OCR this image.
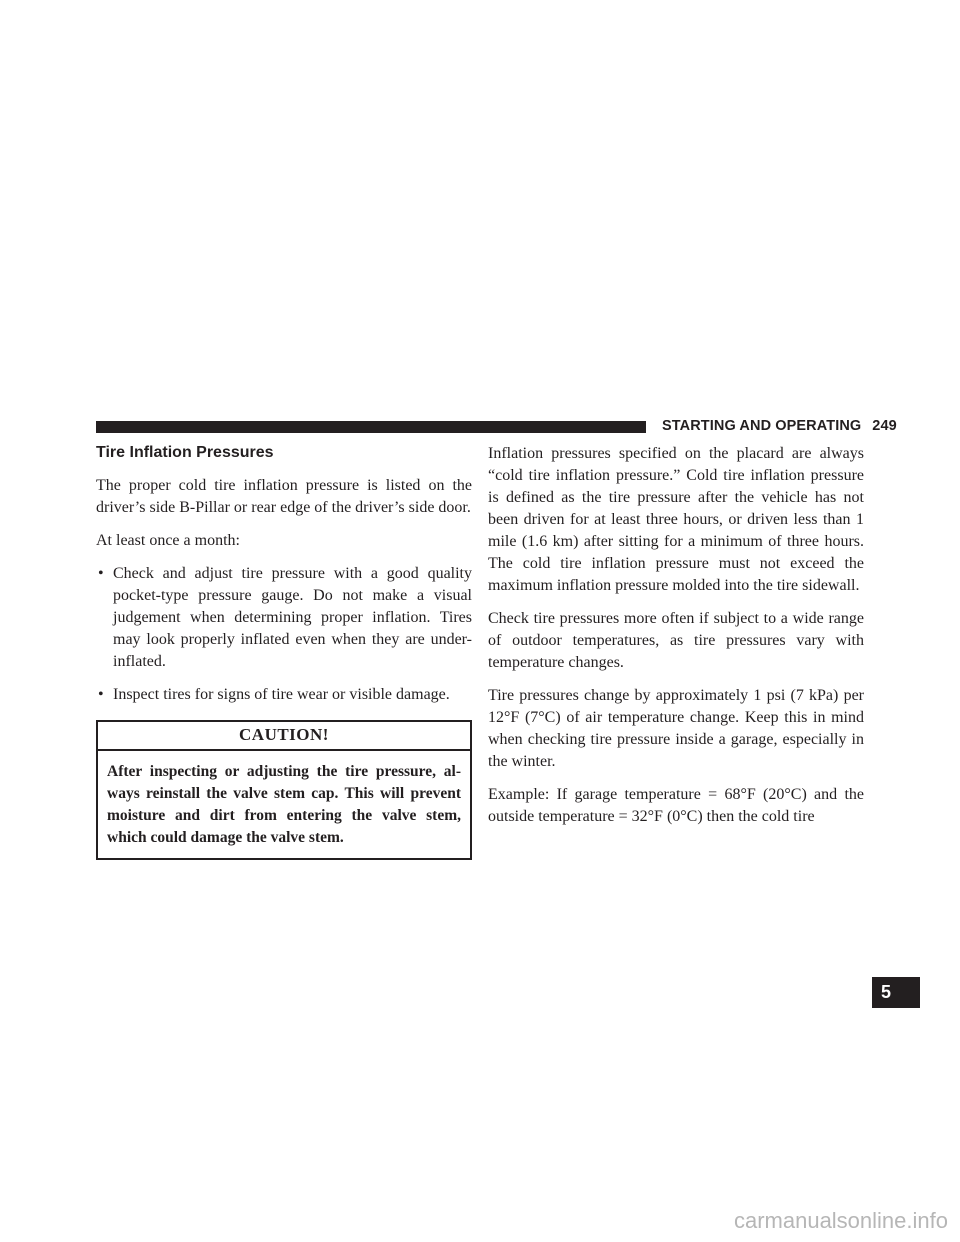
STARTING AND OPERATING 249
Tire Inflation Pressures

The proper cold tire inflation pressure is listed on the driver’s side B-Pillar or rear edge of the driver’s side door.

At least once a month:

• Check and adjust tire pressure with a good quality pocket-type pressure gauge. Do not make a visual judgement when determining proper inflation. Tires may look properly inflated even when they are under-inflated.
• Inspect tires for signs of tire wear or visible damage.
CAUTION!
After inspecting or adjusting the tire pressure, al-ways reinstall the valve stem cap. This will prevent moisture and dirt from entering the valve stem, which could damage the valve stem.

Inflation pressures specified on the placard are always “cold tire inflation pressure.” Cold tire inflation pressure is defined as the tire pressure after the vehicle has not been driven for at least three hours, or driven less than 1 mile (1.6 km) after sitting for a minimum of three hours. The cold tire inflation pressure must not exceed the maximum inflation pressure molded into the tire sidewall.

Check tire pressures more often if subject to a wide range of outdoor temperatures, as tire pressures vary with temperature changes.

Tire pressures change by approximately 1 psi (7 kPa) per 12°F (7°C) of air temperature change. Keep this in mind when checking tire pressure inside a garage, especially in the winter.

Example: If garage temperature = 68°F (20°C) and the outside temperature = 32°F (0°C) then the cold tire

5
carmanualsonline.info
